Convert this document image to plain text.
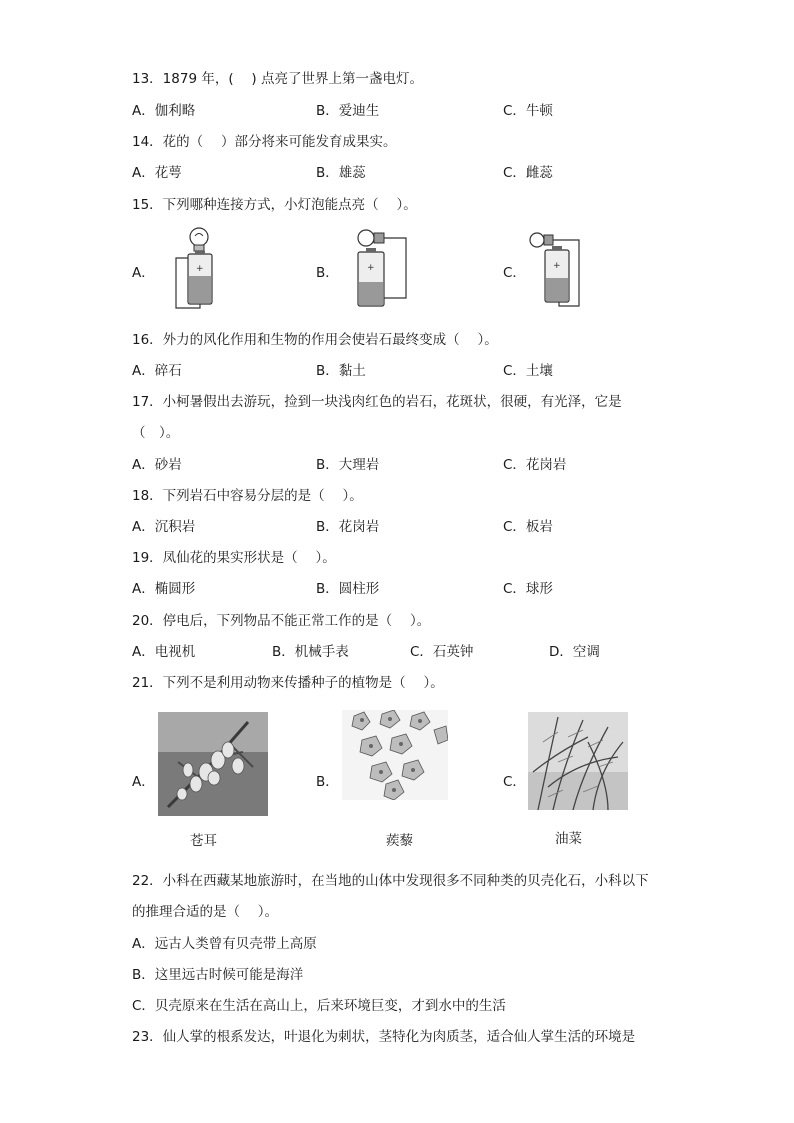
13．1879 年，(　 ) 点亮了世界上第一盏电灯。
A．伽利略	B．爱迪生	C．牛顿
14．花的（　 ）部分将来可能发育成果实。
A．花萼	B．雄蕊	C．雌蕊
15．下列哪种连接方式，小灯泡能点亮（　 ）。
A．	B．	C．
+	+	+
16．外力的风化作用和生物的作用会使岩石最终变成（　 ）。
A．碎石	B．黏土	C．土壤
17．小柯暑假出去游玩，捡到一块浅肉红色的岩石，花斑状，很硬，有光泽，它是
（　）。
A．砂岩	B．大理岩	C．花岗岩
18．下列岩石中容易分层的是（　 ）。
A．沉积岩	B．花岗岩	C．板岩
19．凤仙花的果实形状是（　 ）。
A．椭圆形	B．圆柱形	C．球形
20．停电后，下列物品不能正常工作的是（　 ）。
A．电视机	B．机械手表	C．石英钟	D．空调
21．下列不是利用动物来传播种子的植物是（　 ）。
A．	B．	C．
苍耳	蒺藜	油菜
22．小科在西藏某地旅游时，在当地的山体中发现很多不同种类的贝壳化石，小科以下
的推理合适的是（　 ）。
A．远古人类曾有贝壳带上高原
B．这里远古时候可能是海洋
C．贝壳原来在生活在高山上，后来环境巨变，才到水中的生活
23．仙人掌的根系发达，叶退化为刺状，茎特化为肉质茎，适合仙人掌生活的环境是
